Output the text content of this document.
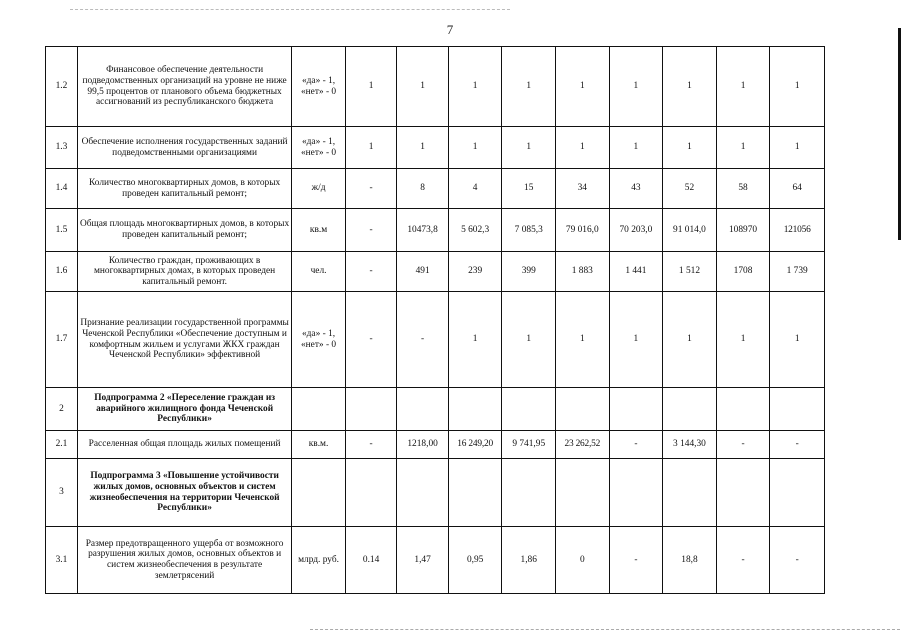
7
1.2	Финансовое обеспечение деятельности подведомственных организаций на уровне не ниже 99,5 процентов от планового объема бюджетных ассигнований из республиканского бюджета	«да» - 1, «нет» - 0	1	1	1	1	1	1	1	1	1
1.3	Обеспечение исполнения государственных заданий подведомственными организациями	«да» - 1, «нет» - 0	1	1	1	1	1	1	1	1	1
1.4	Количество многоквартирных домов, в которых проведен капитальный ремонт;	ж/д	-	8	4	15	34	43	52	58	64
1.5	Общая площадь многоквартирных домов, в которых проведен капитальный ремонт;	кв.м	-	10473,8	5 602,3	7 085,3	79 016,0	70 203,0	91 014,0	108970	121056
1.6	Количество граждан, проживающих в многоквартирных домах, в которых проведен капитальный ремонт.	чел.	-	491	239	399	1 883	1 441	1 512	1708	1 739
1.7	Признание реализации государственной программы Чеченской Республики «Обеспечение доступным и комфортным жильем и услугами ЖКХ граждан Чеченской Республики» эффективной	«да» - 1, «нет» - 0	-	-	1	1	1	1	1	1	1
2	Подпрограмма 2 «Переселение граждан из аварийного жилищного фонда Чеченской Республики»										
2.1	Расселенная общая площадь жилых помещений	кв.м.	-	1218,00	16 249,20	9 741,95	23 262,52	-	3 144,30	-	-
3	Подпрограмма 3 «Повышение устойчивости жилых домов, основных объектов и систем жизнеобеспечения на территории Чеченской Республики»										
3.1	Размер предотвращенного ущерба от возможного разрушения жилых домов, основных объектов и систем жизнеобеспечения в результате землетрясений	млрд. руб.	0.14	1,47	0,95	1,86	0	-	18,8	-	-
